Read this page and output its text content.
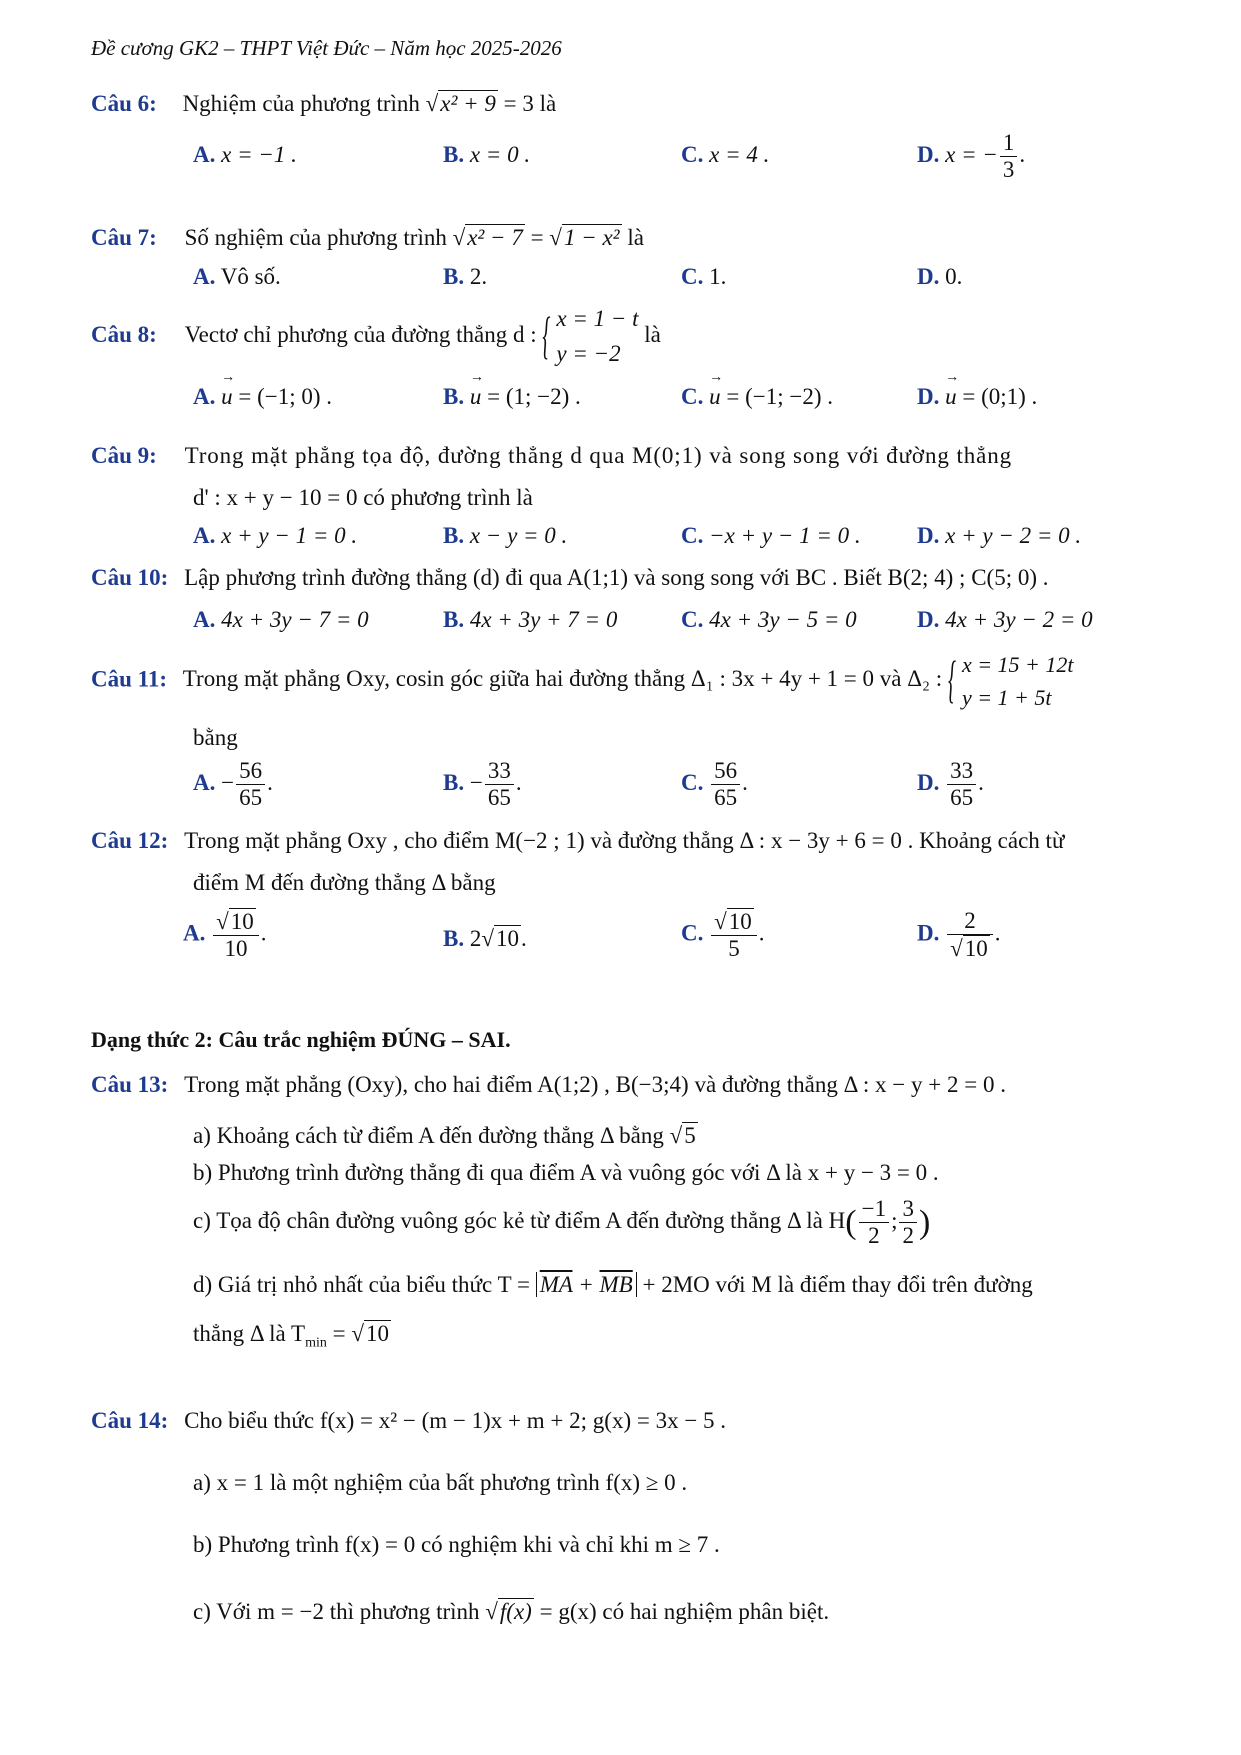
Đề cương GK2 – THPT Việt Đức – Năm học 2025-2026
Câu 6: Nghiệm của phương trình √x² + 9 = 3 là
A. x = −1 .	B. x = 0 .	C. x = 4 .	D. x = − $\frac{1}{3}$ .
Câu 7: Số nghiệm của phương trình √x² − 7 = √1 − x² là
A. Vô số.	B. 2.	C. 1.	D. 0.
Câu 8: Vectơ chỉ phương của đường thẳng d :
{ x = 1 − t
y = −2
là
A. → u = (−1; 0) .	B. → u = (1; −2) .	C. → u = (−1; −2) .	D. → u = (0;1) .
Câu 9: Trong mặt phẳng tọa độ, đường thẳng d qua M(0;1) và song song với đường thẳng
d' : x + y − 10 = 0 có phương trình là
A. x + y − 1 = 0 .	B. x − y = 0 .	C. −x + y − 1 = 0 . D. x + y − 2 = 0 .
Câu 10: Lập phương trình đường thẳng (d) đi qua A(1;1) và song song với BC . Biết B(2; 4) ; C(5; 0) .
A. 4x + 3y − 7 = 0	B. 4x + 3y + 7 = 0	C. 4x + 3y − 5 = 0	D. 4x + 3y − 2 = 0
Câu 11: Trong mặt phẳng Oxy, cosin góc giữa hai đường thẳng Δ₁ : 3x + 4y + 1 = 0 và Δ₂ :
{ x = 15 + 12t
y = 1 + 5t
bằng
A. − $\frac{56}{65}$ .	B. − $\frac{33}{65}$ .	C. $\frac{56}{65}$ .	D. $\frac{33}{65}$ .
Câu 12: Trong mặt phẳng Oxy , cho điểm M(−2 ; 1) và đường thẳng Δ : x − 3y + 6 = 0 . Khoảng cách từ
điểm M đến đường thẳng Δ bằng
A. $\frac{√10}{10}$ .	B. 2√10.	C. $\frac{√10}{5}$ .	D. $\frac{2}{√10}$ .
Dạng thức 2: Câu trắc nghiệm ĐÚNG – SAI.
Câu 13: Trong mặt phẳng (Oxy), cho hai điểm A(1;2) , B(−3;4) và đường thẳng Δ : x − y + 2 = 0 .
a) Khoảng cách từ điểm A đến đường thẳng Δ bằng √5
b) Phương trình đường thẳng đi qua điểm A và vuông góc với Δ là x + y − 3 = 0 .
c) Tọa độ chân đường vuông góc kẻ từ điểm A đến đường thẳng Δ là $H( \frac{-1}{2}$ ; $\frac{3}{2}$ )
d) Giá trị nhỏ nhất của biểu thức $T = \overline{MA} + \overline{MB} + 2MO$ với M là điểm thay đổi trên đường
thẳng Δ là $T_{min} = √10$
Câu 14: Cho biểu thức f(x) = x² − (m − 1)x + m + 2; g(x) = 3x − 5 .
a) x = 1 là một nghiệm của bất phương trình f(x) ≥ 0 .
b) Phương trình f(x) = 0 có nghiệm khi và chỉ khi m ≥ 7 .
c) Với m = −2 thì phương trình √f(x) = g(x) có hai nghiệm phân biệt.
